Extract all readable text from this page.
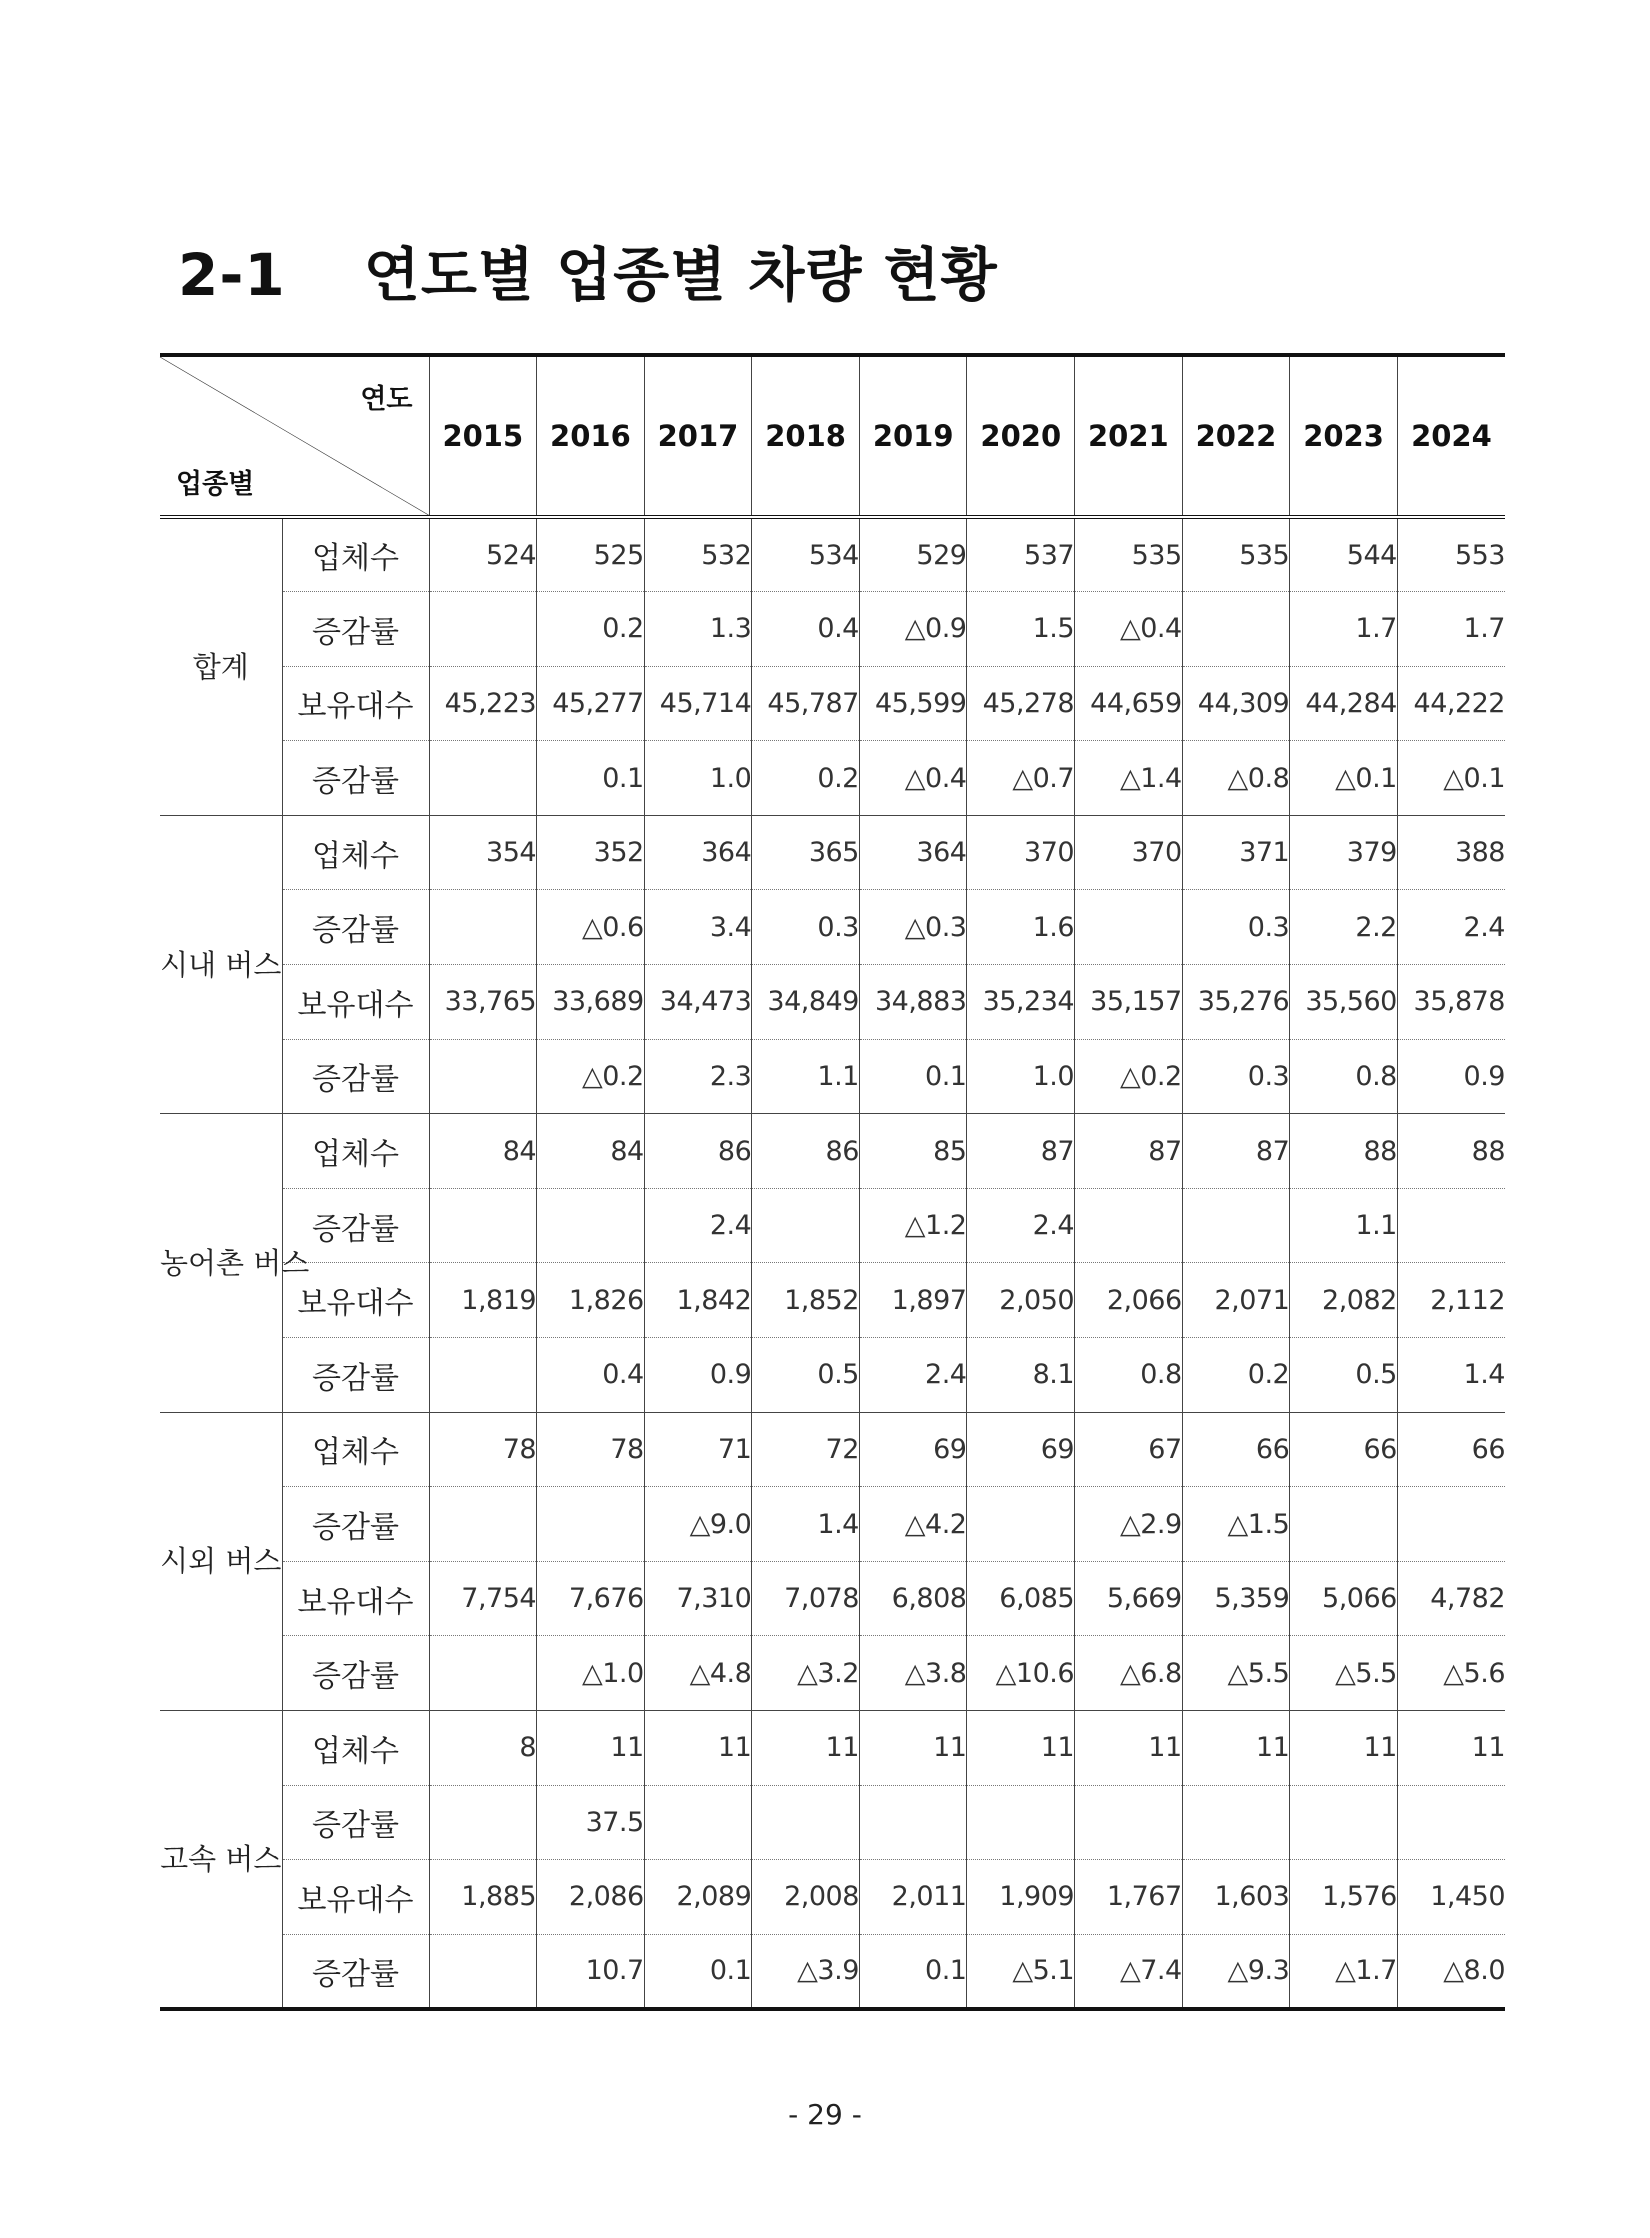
2-1 연도별 업종별 차량 현황
연도
업종별		2015	2016	2017	2018	2019	2020	2021	2022	2023	2024
합계	업체수	524	525	532	534	529	537	535	535	544	553
	증감률		0.2	1.3	0.4	△0.9	1.5	△0.4		1.7	1.7
	보유대수	45,223	45,277	45,714	45,787	45,599	45,278	44,659	44,309	44,284	44,222
	증감률		0.1	1.0	0.2	△0.4	△0.7	△1.4	△0.8	△0.1	△0.1
시내 버스	업체수	354	352	364	365	364	370	370	371	379	388
	증감률		△0.6	3.4	0.3	△0.3	1.6		0.3	2.2	2.4
	보유대수	33,765	33,689	34,473	34,849	34,883	35,234	35,157	35,276	35,560	35,878
	증감률		△0.2	2.3	1.1	0.1	1.0	△0.2	0.3	0.8	0.9
농어촌 버스	업체수	84	84	86	86	85	87	87	87	88	88
	증감률			2.4		△1.2	2.4			1.1	
	보유대수	1,819	1,826	1,842	1,852	1,897	2,050	2,066	2,071	2,082	2,112
	증감률		0.4	0.9	0.5	2.4	8.1	0.8	0.2	0.5	1.4
시외 버스	업체수	78	78	71	72	69	69	67	66	66	66
	증감률			△9.0	1.4	△4.2		△2.9	△1.5		
	보유대수	7,754	7,676	7,310	7,078	6,808	6,085	5,669	5,359	5,066	4,782
	증감률		△1.0	△4.8	△3.2	△3.8	△10.6	△6.8	△5.5	△5.5	△5.6
고속 버스	업체수	8	11	11	11	11	11	11	11	11	11
	증감률		37.5								
	보유대수	1,885	2,086	2,089	2,008	2,011	1,909	1,767	1,603	1,576	1,450
	증감률		10.7	0.1	△3.9	0.1	△5.1	△7.4	△9.3	△1.7	△8.0
- 29 -
